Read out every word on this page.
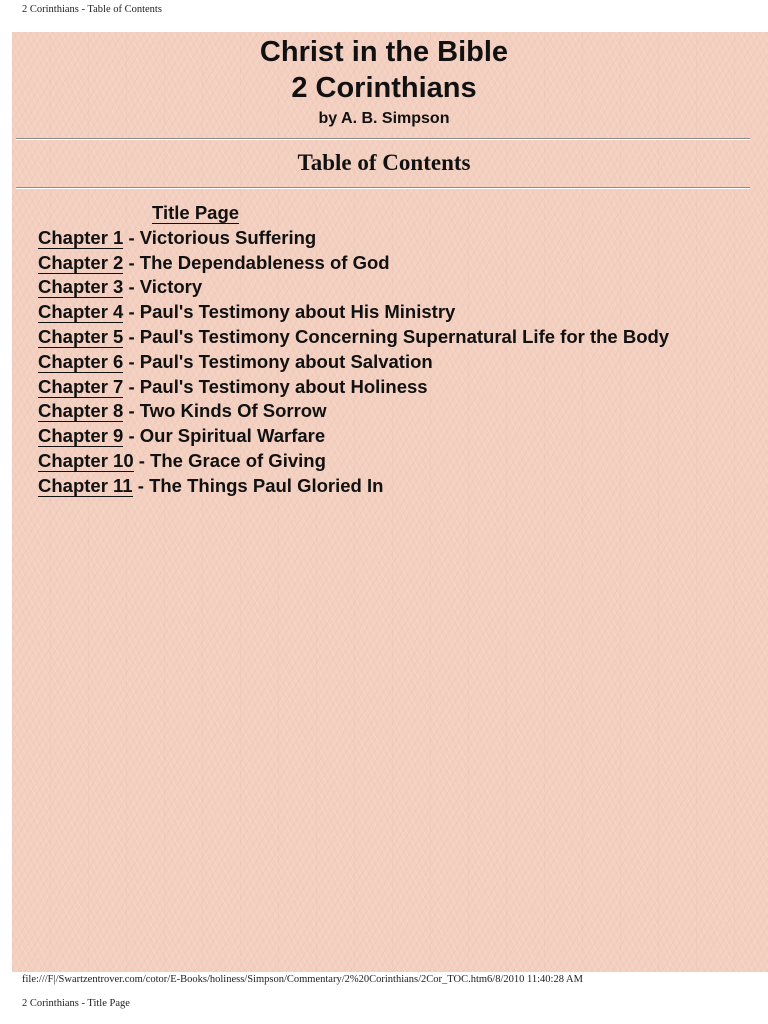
2 Corinthians - Table of Contents
Christ in the Bible
2 Corinthians
by A. B. Simpson
Table of Contents
Title Page
Chapter 1 - Victorious Suffering
Chapter 2 - The Dependableness of God
Chapter 3 - Victory
Chapter 4 - Paul's Testimony about His Ministry
Chapter 5 - Paul's Testimony Concerning Supernatural Life for the Body
Chapter 6 - Paul's Testimony about Salvation
Chapter 7 - Paul's Testimony about Holiness
Chapter 8 - Two Kinds Of Sorrow
Chapter 9 - Our Spiritual Warfare
Chapter 10 - The Grace of Giving
Chapter 11 - The Things Paul Gloried In
file:///F|/Swartzentrover.com/cotor/E-Books/holiness/Simpson/Commentary/2%20Corinthians/2Cor_TOC.htm6/8/2010 11:40:28 AM
2 Corinthians - Title Page
